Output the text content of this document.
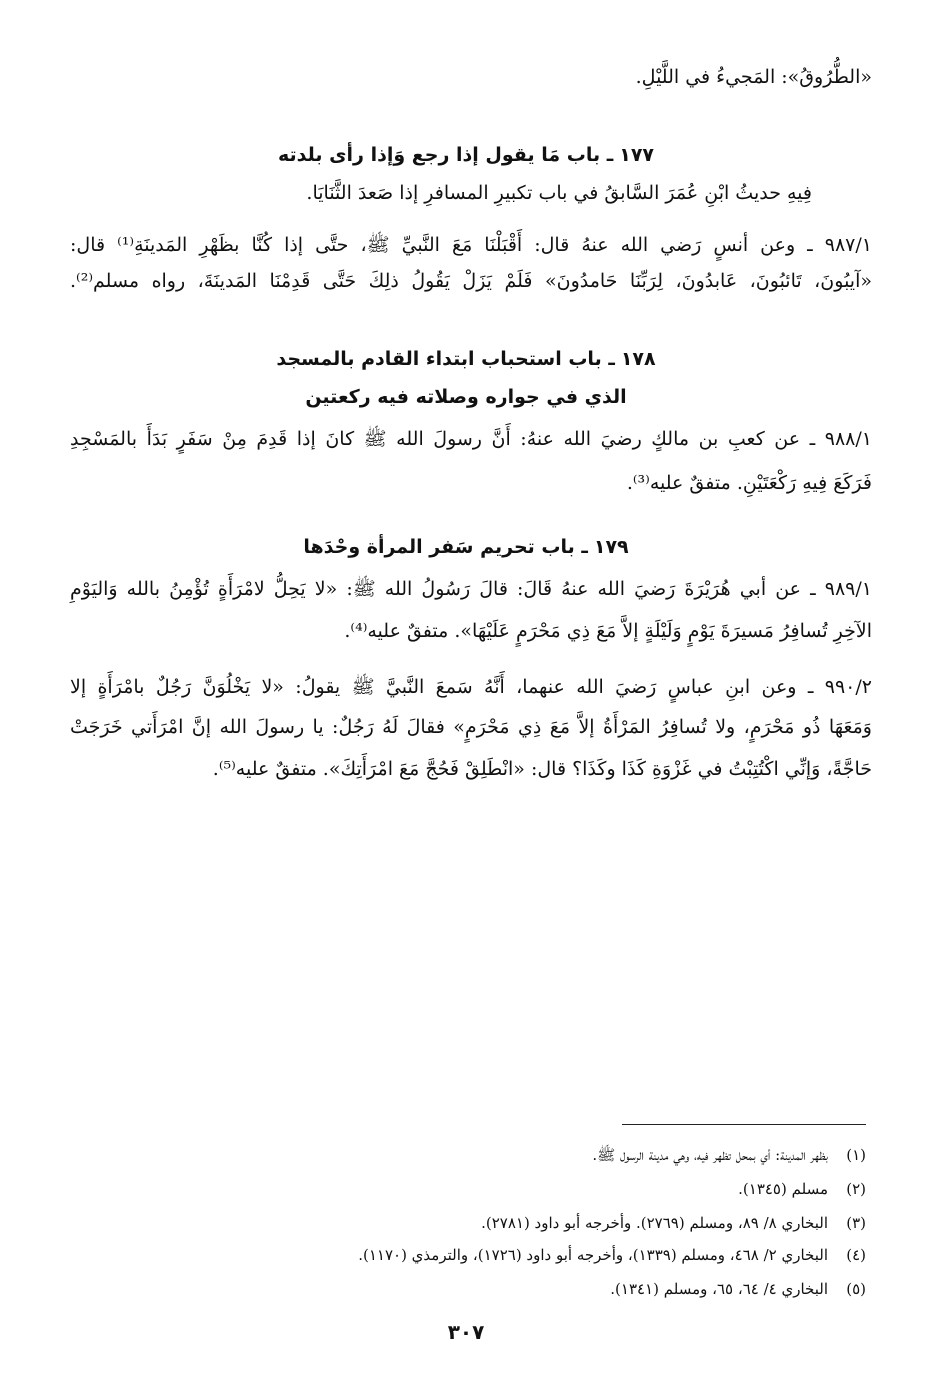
«الطُّرُوقُ»: المَجيءُ في اللَّيْلِ.
١٧٧ـ باب مَا يقول إذا رجع وَإذا رأى بلدته
فِيهِ حديثُ ابْنِ عُمَرَ السَّابقُ في باب تكبيرِ المسافرِ إذا صَعدَ الثَّنَايَا.
٩٨٧/١ ـ وعن أنسٍ رَضي الله عنهُ قال: أَقْبَلْنَا مَعَ النَّبيِّ ﷺ، حتَّى إذا كُنَّا بظَهْرِ المَدينَةِ⁽¹⁾ قال:
«آيبُونَ، تَائبُونَ، عَابدُونَ، لِرَبِّنَا حَامدُونَ» فَلَمْ يَزَلْ يَقُولُ ذلِكَ حَتَّى قَدِمْنَا المَدينَةَ، رواه مسلم⁽²⁾.
١٧٨ـ باب استحباب ابتداء القادم بالمسجد
الذي في جواره وصلاته فيه ركعتين
٩٨٨/١ ـ عن كعبِ بن مالكٍ رضيَ الله عنهُ: أَنَّ رسولَ الله ﷺ كانَ إذا قَدِمَ مِنْ سَفَرٍ بَدَأَ بالمَسْجِدِ
فَرَكَعَ فِيهِ رَكْعَتَيْنِ. متفقٌ عليه⁽³⁾.
١٧٩ـ باب تحريم سَفر المرأة وحْدَها
٩٨٩/١ ـ عن أبي هُرَيْرَةَ رَضيَ الله عنهُ قَالَ: قالَ رَسُولُ الله ﷺ: «لا يَحِلُّ لامْرَأَةٍ تُؤْمِنُ بالله وَاليَوْمِ
الآخِرِ تُسافِرُ مَسيرَةَ يَوْمٍ وَلَيْلَةٍ إلاَّ مَعَ ذِي مَحْرَمٍ عَلَيْهَا». متفقٌ عليه⁽⁴⁾.
٩٩٠/٢ ـ وعن ابنِ عباسٍ رَضيَ الله عنهما، أَنَّهُ سَمعَ النَّبيَّ ﷺ يقولُ: «لا يَخْلُوَنَّ رَجُلٌ بامْرَأَةٍ إلا
وَمَعَهَا ذُو مَحْرَمٍ، ولا تُسافِرُ المَرْأَةُ إلاَّ مَعَ ذِي مَحْرَمٍ» فقالَ لَهُ رَجُلٌ: يا رسولَ الله إنَّ امْرَأَتي خَرَجَتْ
حَاجَّةً، وَإنِّي اكْتُتِبْتُ في غَزْوَةِ كَذَا وكَذَا؟ قال: «انْطَلِقْ فَحُجَّ مَعَ امْرَأَتِكَ». متفقٌ عليه⁽⁵⁾.
(١)بظهر المدينة: أي بمحل تظهر فيه، وهي مدينة الرسول ﷺ.
(٢)مسلم (١٣٤٥).
(٣)البخاري ٨/ ٨٩، ومسلم (٢٧٦٩). وأخرجه أبو داود (٢٧٨١).
(٤)البخاري ٢/ ٤٦٨، ومسلم (١٣٣٩)، وأخرجه أبو داود (١٧٢٦)، والترمذي (١١٧٠).
(٥)البخاري ٤/ ٦٤، ٦٥، ومسلم (١٣٤١).
٣٠٧
